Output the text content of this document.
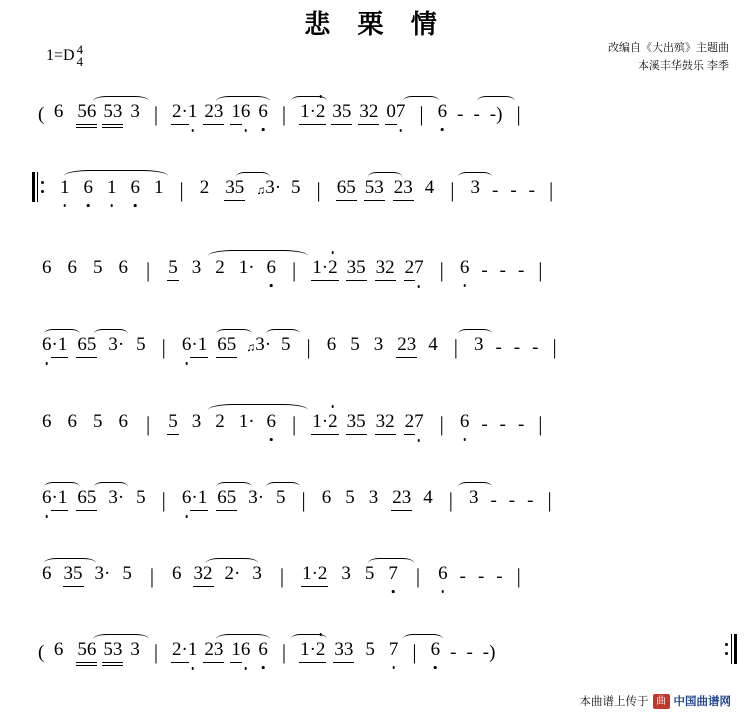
悲 栗 情
1=D 4
4
改编自《大出殡》主题曲
本溪丰华鼓乐 李季
( 6 5 6 5 3 3 | 2 · 1 2 3 1 6 6 | 1 · 2 3 5 3 2 0 7 | 6 - - - ) |
1 6 1 6 1 | 2 3 5 ♫ 3 · 5 | 6 5 5 3 2 3 4 | 3 - - - |
6 6 5 6 | 5 3 2 1 · 6 | 1 · 2 3 5 3 2 2 7 | 6 - - - |
6 · 1 6 5 3 · 5 | 6 · 1 6 5 ♫ 3 · 5 | 6 5 3 2 3 4 | 3 - - - |
6 6 5 6 | 5 3 2 1 · 6 | 1 · 2 3 5 3 2 2 7 | 6 - - - |
6 · 1 6 5 3 · 5 | 6 · 1 6 5 3 · 5 | 6 5 3 2 3 4 | 3 - - - |
6 3 5 3 · 5 | 6 3 2 2 · 3 | 1 · 2 3 5 7 | 6 - - - |
( 6 5 6 5 3 3 | 2 · 1 2 3 1 6 6 | 1 · 2 3 3 5 7 | 6 - - - )
本曲谱上传于 曲 中国曲谱网
